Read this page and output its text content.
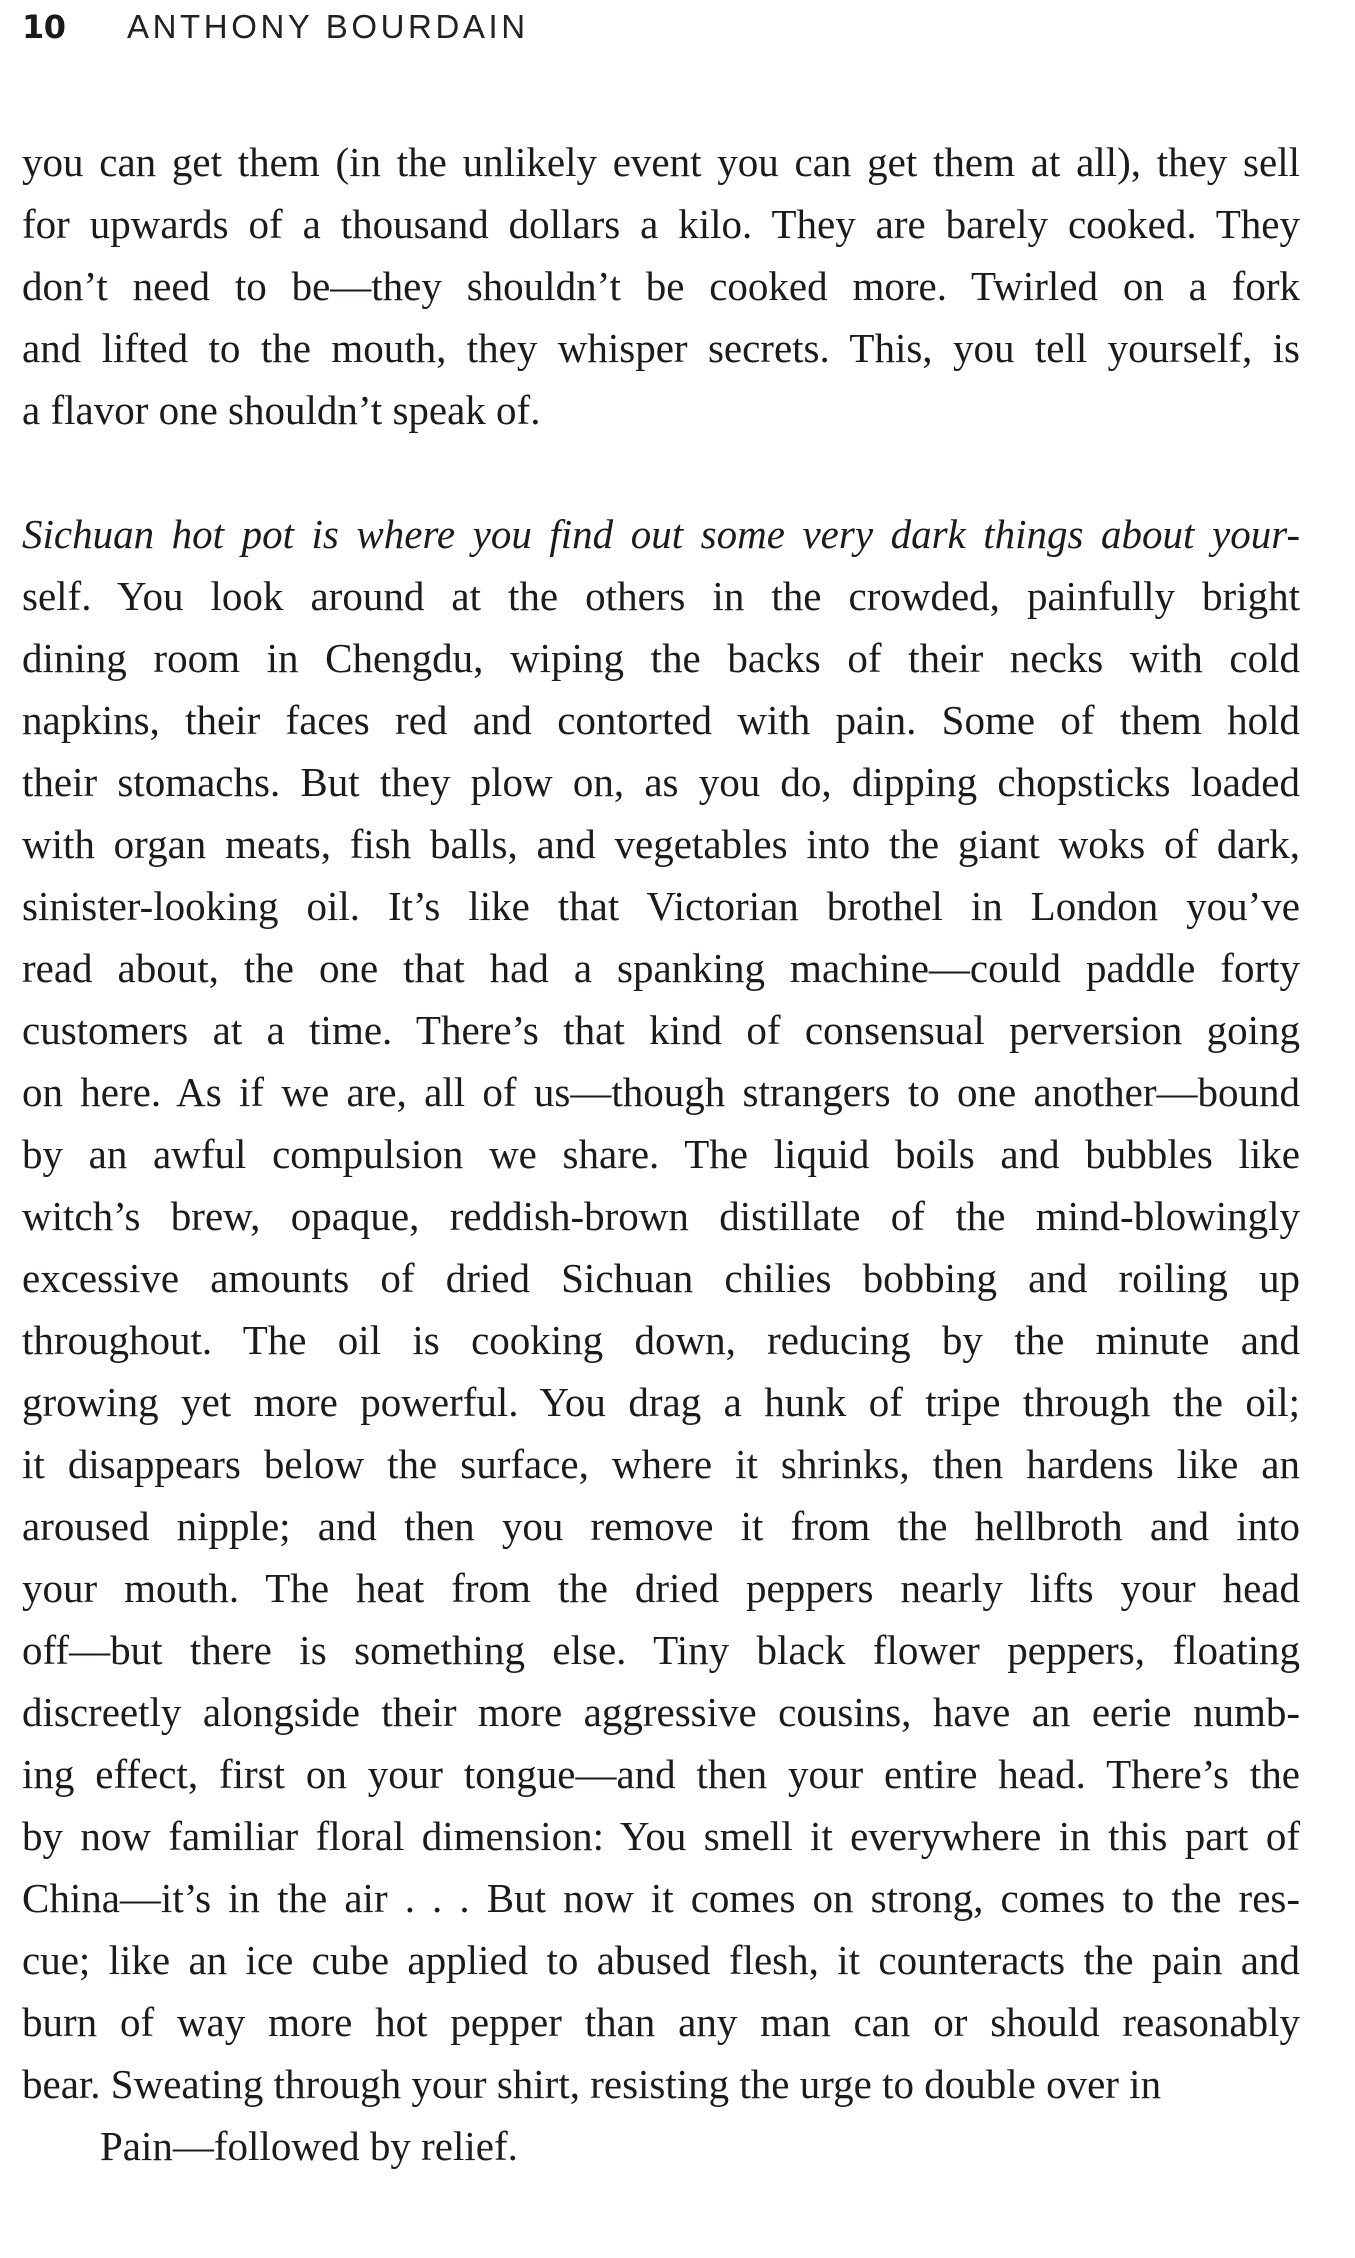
10	ANTHONY BOURDAIN
you can get them (in the unlikely event you can get them at all), they sell
for upwards of a thousand dollars a kilo. They are barely cooked. They
don’t need to be—they shouldn’t be cooked more. Twirled on a fork
and lifted to the mouth, they whisper secrets. This, you tell yourself, is
a flavor one shouldn’t speak of.
Sichuan hot pot is where you find out some very dark things about your-
self. You look around at the others in the crowded, painfully bright
dining room in Chengdu, wiping the backs of their necks with cold
napkins, their faces red and contorted with pain. Some of them hold
their stomachs. But they plow on, as you do, dipping chopsticks loaded
with organ meats, fish balls, and vegetables into the giant woks of dark,
sinister-looking oil. It’s like that Victorian brothel in London you’ve
read about, the one that had a spanking machine—could paddle forty
customers at a time. There’s that kind of consensual perversion going
on here. As if we are, all of us—though strangers to one another—bound
by an awful compulsion we share. The liquid boils and bubbles like
witch’s brew, opaque, reddish-brown distillate of the mind-blowingly
excessive amounts of dried Sichuan chilies bobbing and roiling up
throughout. The oil is cooking down, reducing by the minute and
growing yet more powerful. You drag a hunk of tripe through the oil;
it disappears below the surface, where it shrinks, then hardens like an
aroused nipple; and then you remove it from the hellbroth and into
your mouth. The heat from the dried peppers nearly lifts your head
off—but there is something else. Tiny black flower peppers, floating
discreetly alongside their more aggressive cousins, have an eerie numb-
ing effect, first on your tongue—and then your entire head. There’s the
by now familiar floral dimension: You smell it everywhere in this part of
China—it’s in the air . . . But now it comes on strong, comes to the res-
cue; like an ice cube applied to abused flesh, it counteracts the pain and
burn of way more hot pepper than any man can or should reasonably
bear. Sweating through your shirt, resisting the urge to double over in
Pain—followed by relief.
